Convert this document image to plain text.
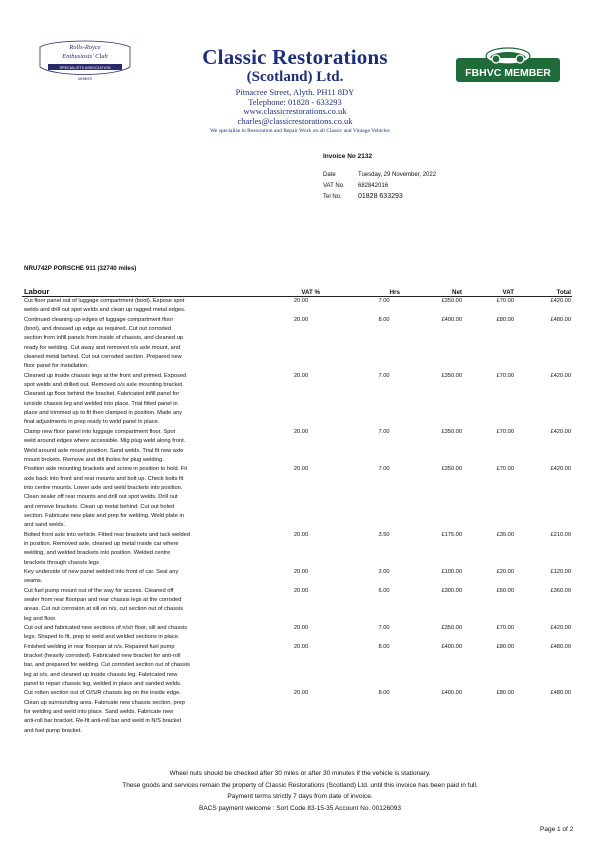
Rolls-Royce
Enthusiasts' Club
SPECIALISTS ASSOCIATION
MEMBER
Classic Restorations
(Scotland) Ltd.
Pitnacree Street, Alyth. PH11 8DY
Telephone: 01828 - 633293
www.classicrestorations.co.uk
charles@classicrestorations.co.uk
FBHVC MEMBER
We specialise in Restoration and Repair Work on all Classic and Vintage Vehicles
Invoice No 2132
Date	Tuesday, 29 November, 2022
VAT No.	682842016
Tel No.	01828 633293
NRU742P PORSCHE 911 (32740 miles)
Labour	VAT %	Hrs	Net	VAT	Total
Cut floor panel out of luggage compartment (boot). Expose spot
welds and drill out spot welds and clean up ragged metal edges.
20.00	7.00	£350.00	£70.00	£420.00
Continued cleaning up edges of luggage compartment floor
(boot), and dressed up edge as required. Cut out corroded
section from infill panels from inside of chassis, and cleaned up
ready for welding. Cut away and removed n/s axle mount, and
cleaned metal behind. Cut out corroded section. Prepared new
floor panel for installation.
20.00	8.00	£400.00	£80.00	£480.00
Cleaned up inside chassis legs at the front and primed. Exposed
spot welds and drilled out. Removed o/s axle mounting bracket.
Cleaned up floor behind the bracket. Fabricated infill panel for
iunside chassis leg and welded into place. Trial fitted panel in
place and trimmed up to fit then clamped in position. Made any
final adjustments in prep ready to weld panel in place.
20.00	7.00	£350.00	£70.00	£420.00
Clamp new floor panel into luggage compartment floor. Spot
weld around edges where accessible. Mig plug weld along front.
Weld around axle mount position. Sand welds. Trial fit new axle
mount brckets. Remove and dril lholes for plug welding.
20.00	7.00	£350.00	£70.00	£420.00
Position axle mounting brackets and screw in position to hold. Fit
axle back into front and rear mounts and bolt up. Check bolts fit
into centre mounts. Lower axle and weld brackets into position.
Clean sealer off rear mounts and drill out spot welds. Drill out
and remove brackets. Clean up metal behind. Cut out holed
section. Fabricate new plate and prep for welding. Weld plate in
and sand welds.
20.00	7.00	£350.00	£70.00	£420.00
Bolted front axle into vehicle. Fitted rear brackets and tack welded
in position. Removed axle, cleaned up metal inside car where
welding, and welded brackets into position. Welded centre
brackets through chassis legs
20.00	3.50	£175.00	£35.00	£210.00
Key underside of new panel welded into front of car. Seal any
seams.
20.00	2.00	£100.00	£20.00	£120.00
Cut fuel pump mount out of the way for access. Cleaned off
sealer from rear floorpan and rear chassis legs at the corroded
areas. Cut out corrosion at sill on n/s, cut section out of chassis
leg and floor.
20.00	6.00	£300.00	£60.00	£360.00
Cut out and fabricated new sections of n/s/r floor, sill and chassis
legs. Shaped to fit, prep to weld and welded sections in place.
20.00	7.00	£350.00	£70.00	£420.00
Finished welding in rear floorpan at n/s. Repaired fuel pump
bracket (heavily corroded). Fabricated new bracket for anti-roll
bar, and prepared for welding. Cut corroded section out of chassis
leg at o/s, and cleaned up inside chassis leg. Fabricated new
panel to repair chassis leg, welded in place and sanded welds.
20.00	8.00	£400.00	£80.00	£480.00
Cut rotten section out of O/S/R chassis leg on the inside edge.
Clean up surrounding area. Fabricate new chassis section, prep
for welding and weld into place. Sand welds. Fabricate new
anti-roll bar bracket. Re-fit anti-roll bar and weld in N/S bracket
and fuel pump bracket.
20.00	8.00	£400.00	£80.00	£480.00
Wheel nuts should be checked after 30 miles or after 30 minutes if the vehicle is stationary.
These goods and services remain the property of Classic Restorations (Scotland) Ltd. until this invoice has been paid in full.
Payment terms strictly 7 days from date of invoice.
BACS payment welcome : Sort Code 83-15-35 Account No. 00126093
Page 1 of 2
